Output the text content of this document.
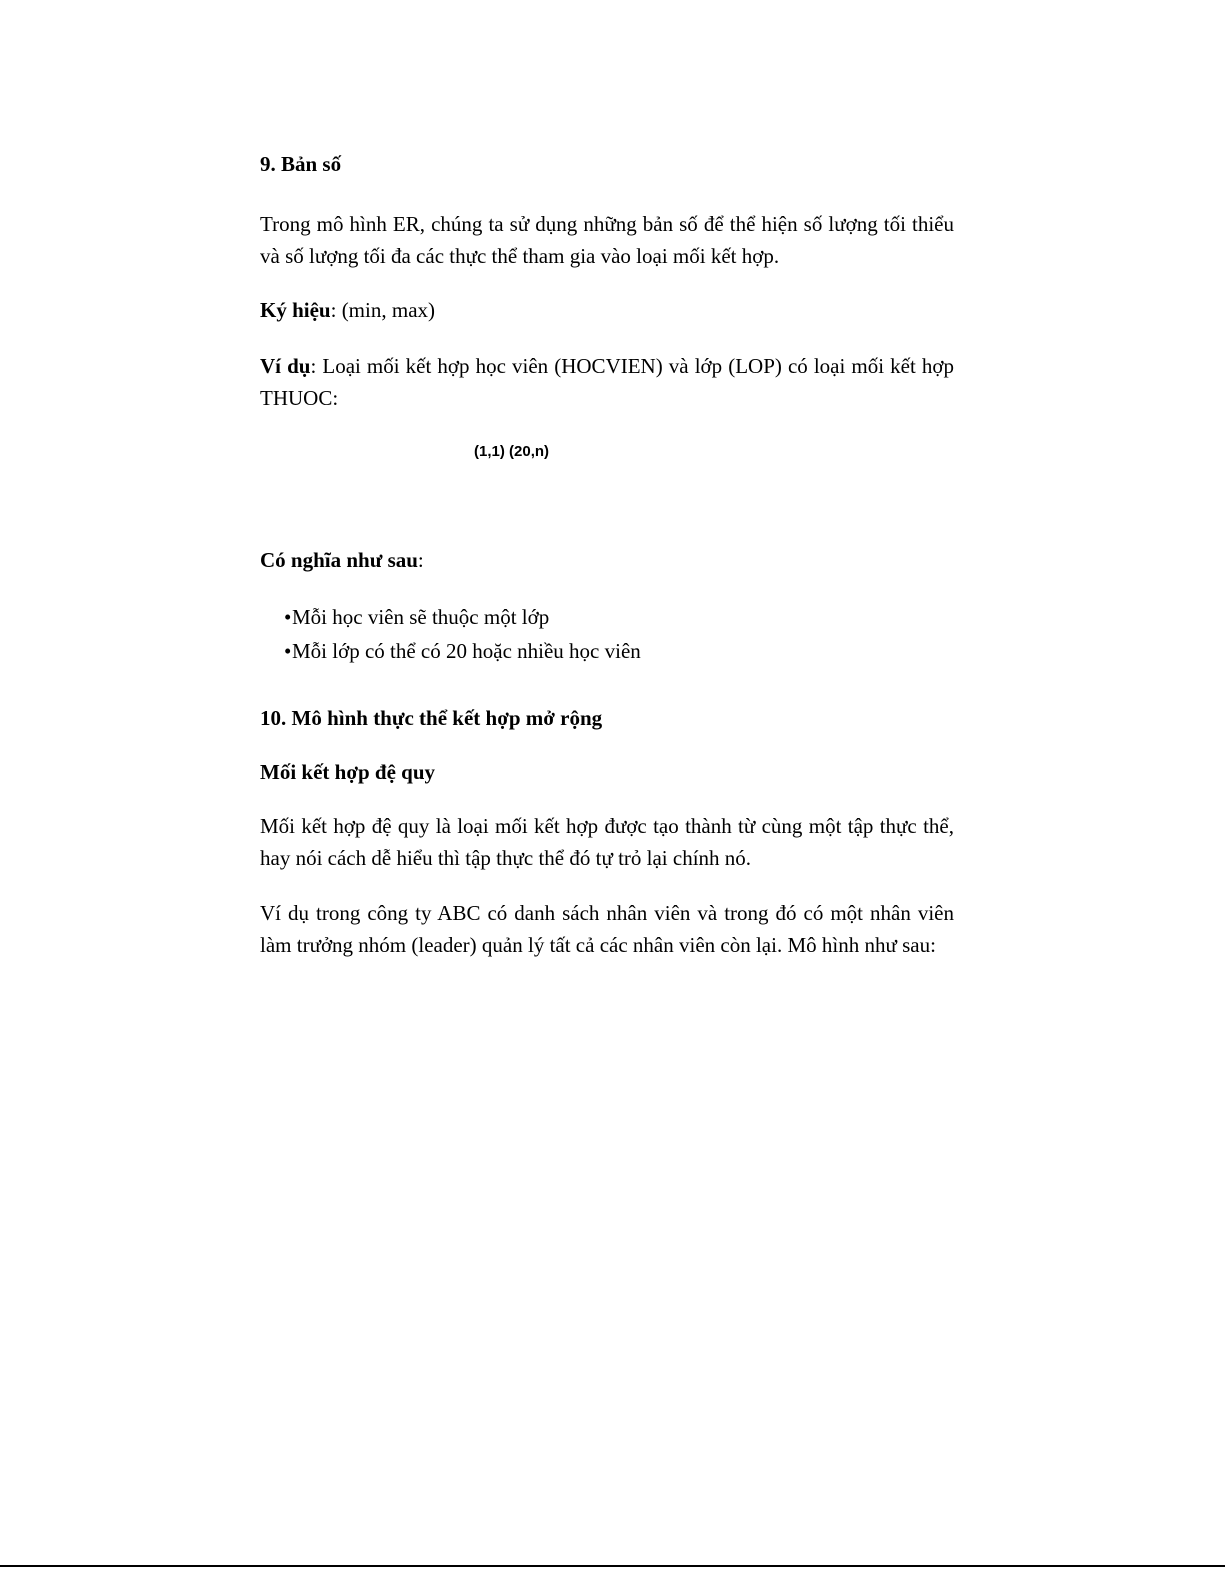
9. Bản số

Trong mô hình ER, chúng ta sử dụng những bản số để thể hiện số lượng tối thiểu và số lượng tối đa các thực thể tham gia vào loại mối kết hợp.

Ký hiệu: (min, max)

Ví dụ: Loại mối kết hợp học viên (HOCVIEN) và lớp (LOP) có loại mối kết hợp THUOC:

(1,1) (20,n)

Có nghĩa như sau:

•Mỗi học viên sẽ thuộc một lớp
•Mỗi lớp có thể có 20 hoặc nhiều học viên

10. Mô hình thực thể kết hợp mở rộng

Mối kết hợp đệ quy

Mối kết hợp đệ quy là loại mối kết hợp được tạo thành từ cùng một tập thực thể, hay nói cách dễ hiểu thì tập thực thể đó tự trỏ lại chính nó.

Ví dụ trong công ty ABC có danh sách nhân viên và trong đó có một nhân viên làm trưởng nhóm (leader) quản lý tất cả các nhân viên còn lại. Mô hình như sau:
